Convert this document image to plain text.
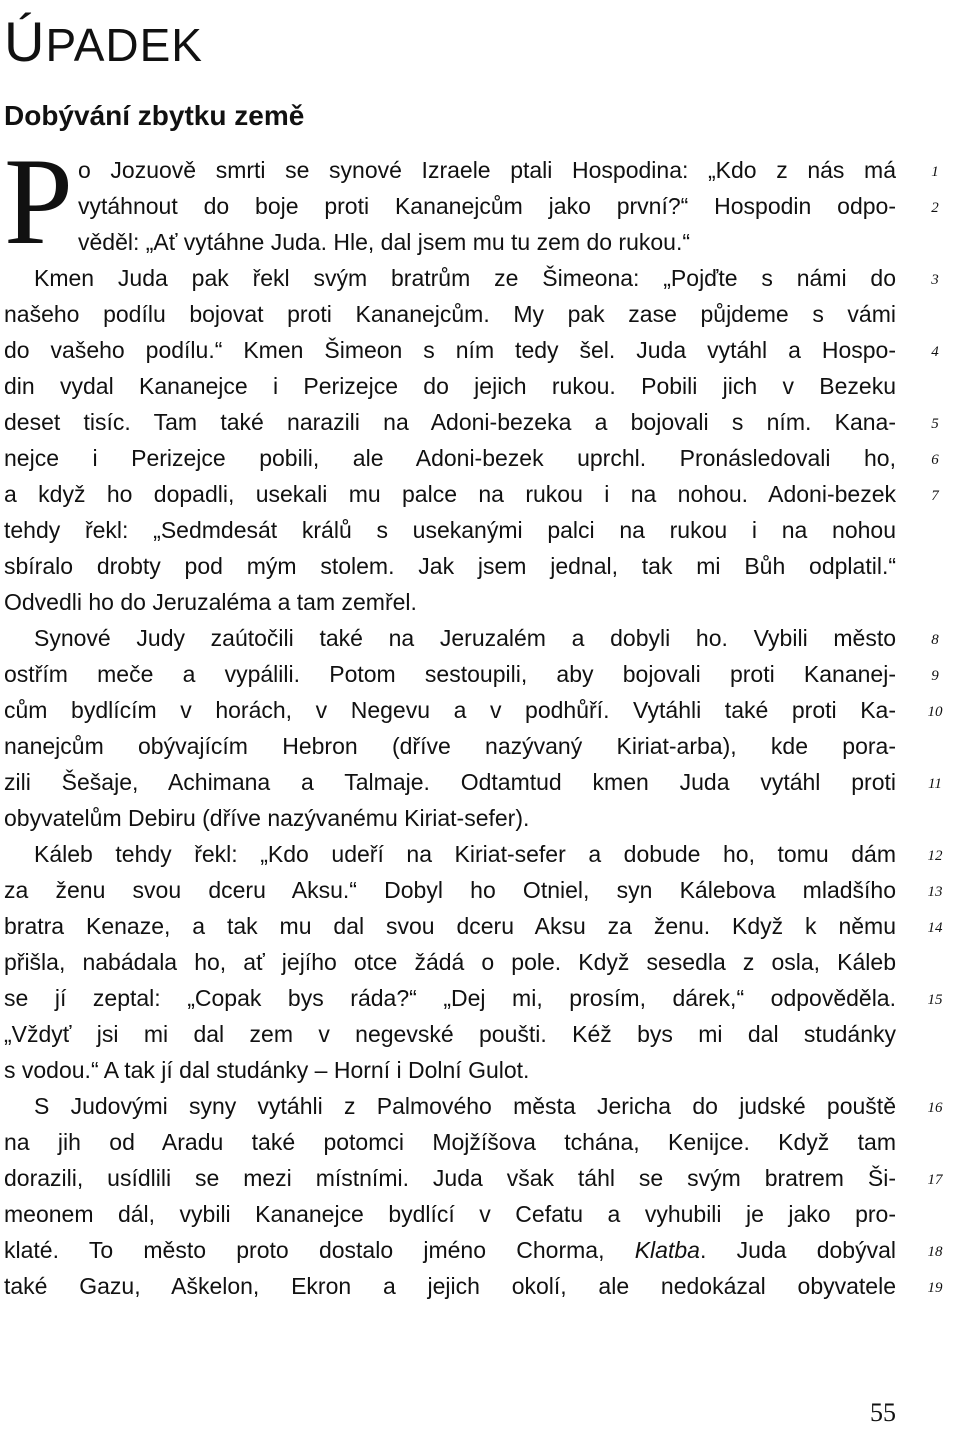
ÚPADEK
Dobývání zbytku země
P o Jozuově smrti se synové Izraele ptali Hospodina: „Kdo z nás má
vytáhnout do boje proti Kananejcům jako první?“ Hospodin odpo-
věděl: „Ať vytáhne Juda. Hle, dal jsem mu tu zem do rukou.“
Kmen Juda pak řekl svým bratrům ze Šimeona: „Pojďte s námi do
našeho podílu bojovat proti Kananejcům. My pak zase půjdeme s vámi
do vašeho podílu.“ Kmen Šimeon s ním tedy šel. Juda vytáhl a Hospo-
din vydal Kananejce i Perizejce do jejich rukou. Pobili jich v Bezeku
deset tisíc. Tam také narazili na Adoni-bezeka a bojovali s ním. Kana-
nejce i Perizejce pobili, ale Adoni-bezek uprchl. Pronásledovali ho,
a když ho dopadli, usekali mu palce na rukou i na nohou. Adoni-bezek
tehdy řekl: „Sedmdesát králů s usekanými palci na rukou i na nohou
sbíralo drobty pod mým stolem. Jak jsem jednal, tak mi Bůh odplatil.“
Odvedli ho do Jeruzaléma a tam zemřel.
Synové Judy zaútočili také na Jeruzalém a dobyli ho. Vybili město
ostřím meče a vypálili. Potom sestoupili, aby bojovali proti Kananej-
cům bydlícím v horách, v Negevu a v podhůří. Vytáhli také proti Ka-
nanejcům obývajícím Hebron (dříve nazývaný Kiriat-arba), kde pora-
zili Šešaje, Achimana a Talmaje. Odtamtud kmen Juda vytáhl proti
obyvatelům Debiru (dříve nazývanému Kiriat-sefer).
Káleb tehdy řekl: „Kdo udeří na Kiriat-sefer a dobude ho, tomu dám
za ženu svou dceru Aksu.“ Dobyl ho Otniel, syn Kálebova mladšího
bratra Kenaze, a tak mu dal svou dceru Aksu za ženu. Když k němu
přišla, nabádala ho, ať jejího otce žádá o pole. Když sesedla z osla, Káleb
se jí zeptal: „Copak bys ráda?“ „Dej mi, prosím, dárek,“ odpověděla.
„Vždyť jsi mi dal zem v negevské poušti. Kéž bys mi dal studánky
s vodou.“ A tak jí dal studánky – Horní i Dolní Gulot.
S Judovými syny vytáhli z Palmového města Jericha do judské pouště
na jih od Aradu také potomci Mojžíšova tchána, Kenijce. Když tam
dorazili, usídlili se mezi místními. Juda však táhl se svým bratrem Ši-
meonem dál, vybili Kananejce bydlící v Cefatu a vyhubili je jako pro-
klaté. To město proto dostalo jméno Chorma, Klatba. Juda dobýval
také Gazu, Aškelon, Ekron a jejich okolí, ale nedokázal obyvatele
1
2
3
4
5
6
7
8
9
10
11
12
13
14
15
16
17
18
19
55
